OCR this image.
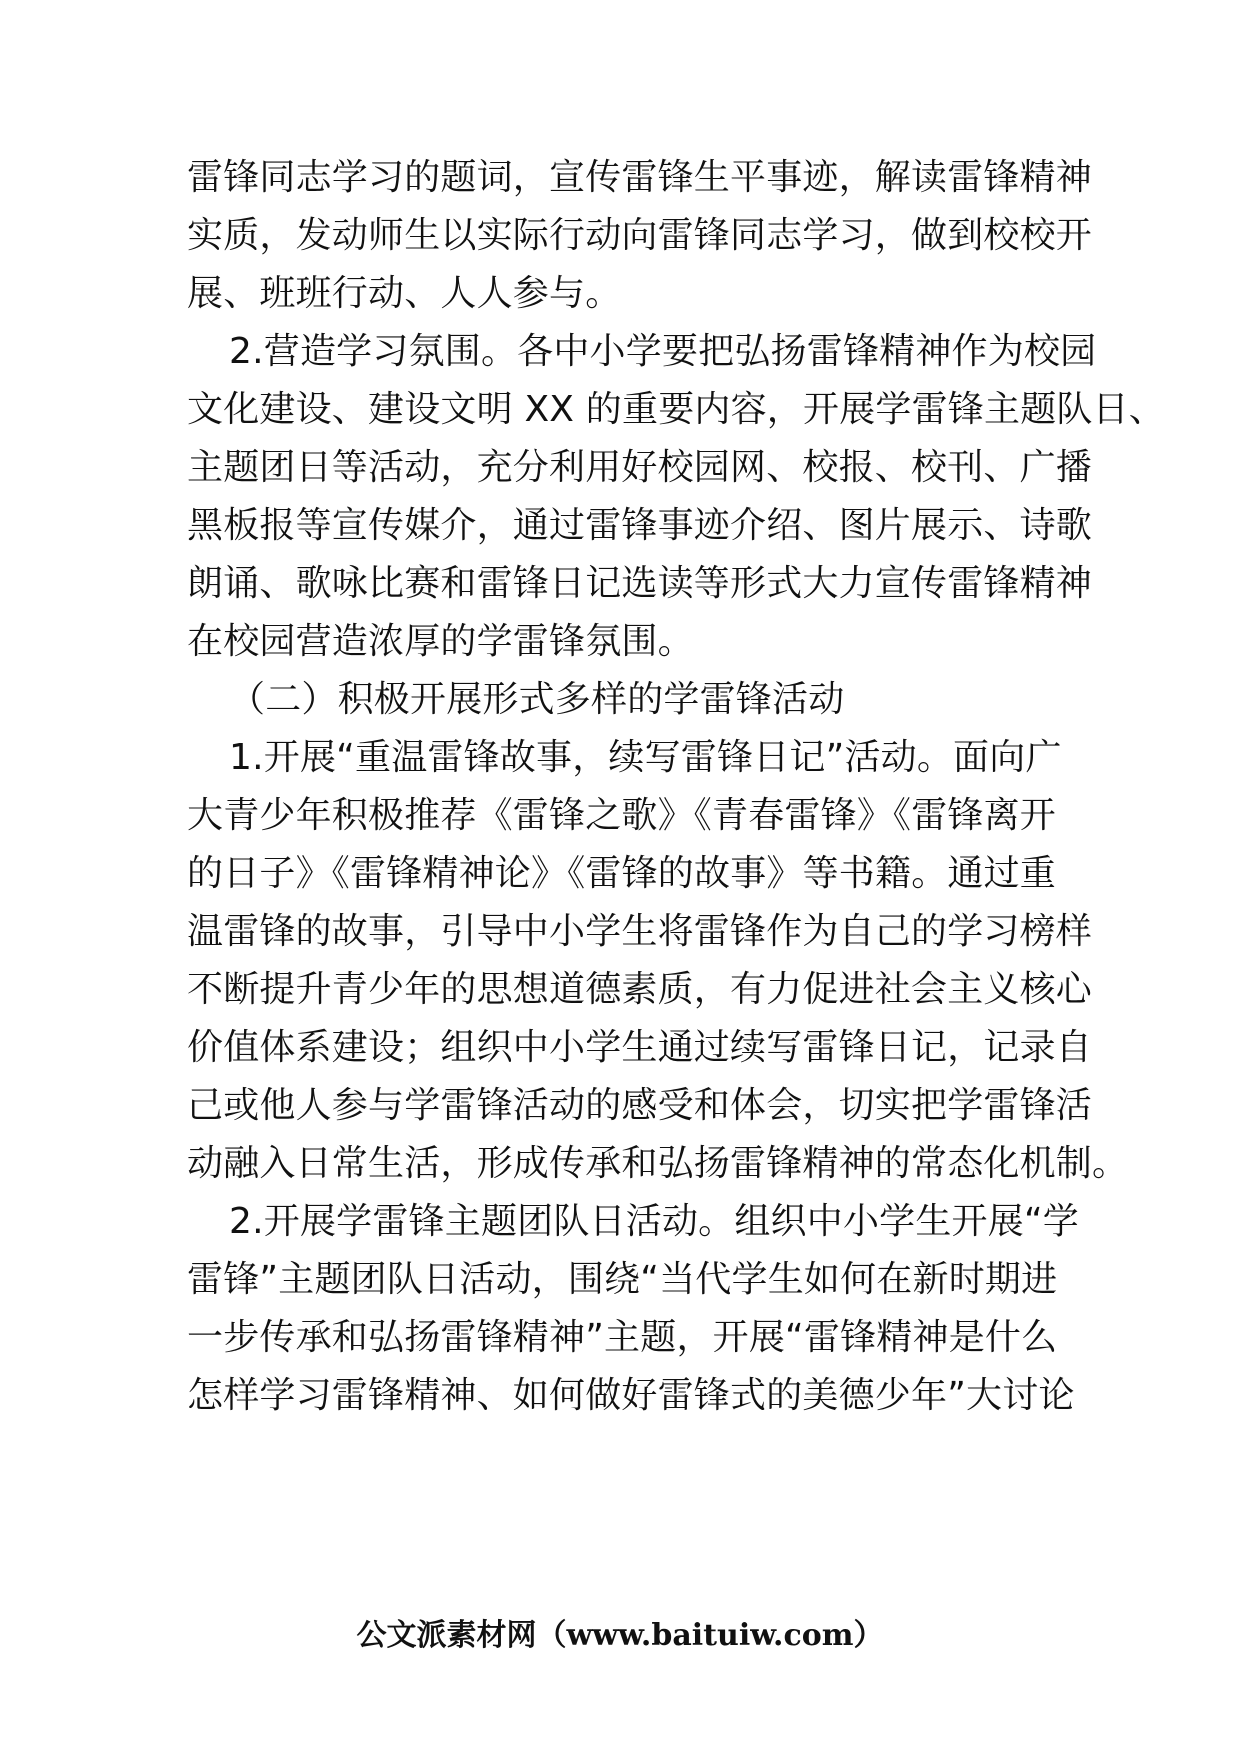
雷锋同志学习的题词，宣传雷锋生平事迹，解读雷锋精神
实质，发动师生以实际行动向雷锋同志学习，做到校校开
展、班班行动、人人参与。
2.营造学习氛围。各中小学要把弘扬雷锋精神作为校园
文化建设、建设文明 XX 的重要内容，开展学雷锋主题队日、
主题团日等活动，充分利用好校园网、校报、校刊、广播
黑板报等宣传媒介，通过雷锋事迹介绍、图片展示、诗歌
朗诵、歌咏比赛和雷锋日记选读等形式大力宣传雷锋精神
在校园营造浓厚的学雷锋氛围。
（二）积极开展形式多样的学雷锋活动
1.开展“重温雷锋故事，续写雷锋日记”活动。面向广
大青少年积极推荐《雷锋之歌》《青春雷锋》《雷锋离开
的日子》《雷锋精神论》《雷锋的故事》等书籍。通过重
温雷锋的故事，引导中小学生将雷锋作为自己的学习榜样
不断提升青少年的思想道德素质，有力促进社会主义核心
价值体系建设；组织中小学生通过续写雷锋日记，记录自
己或他人参与学雷锋活动的感受和体会，切实把学雷锋活
动融入日常生活，形成传承和弘扬雷锋精神的常态化机制。
2.开展学雷锋主题团队日活动。组织中小学生开展“学
雷锋”主题团队日活动，围绕“当代学生如何在新时期进
一步传承和弘扬雷锋精神”主题，开展“雷锋精神是什么
怎样学习雷锋精神、如何做好雷锋式的美德少年”大讨论
公文派素材网（www.baituiw.com）
